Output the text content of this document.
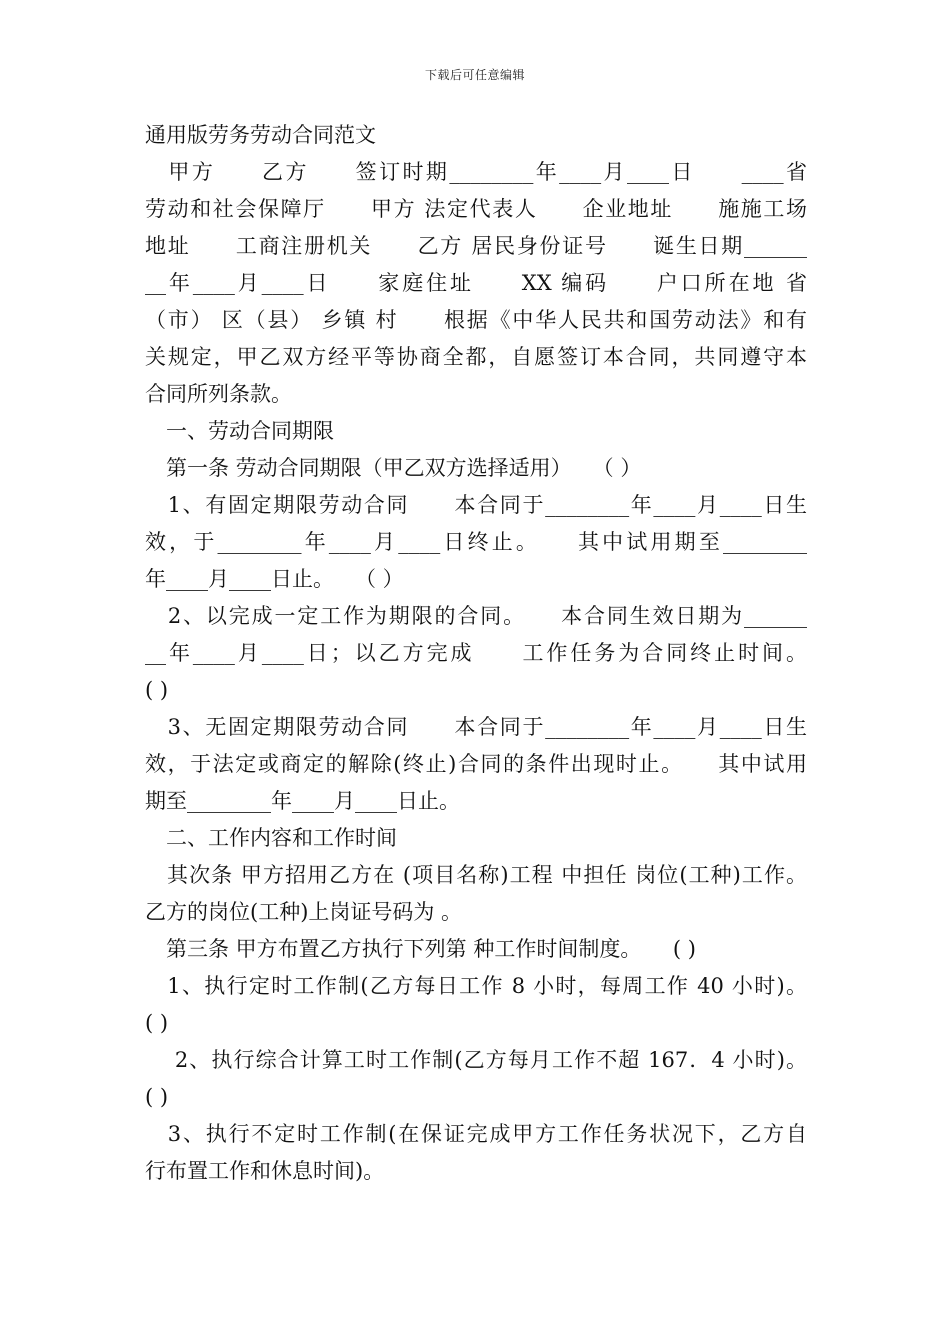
下载后可任意编辑
通用版劳务劳动合同范文
　甲方　　乙方　　签订时期________年____月____日　　____省
劳动和社会保障厅　　甲方 法定代表人　　企业地址　　施施工场
地址　　工商注册机关　　乙方 居民身份证号　　诞生日期______
__年____月____日　　家庭住址　　XX 编码　　户口所在地 省
（市） 区（县） 乡镇 村　　根据《中华人民共和国劳动法》和有
关规定，甲乙双方经平等协商全都，自愿签订本合同，共同遵守本
合同所列条款。
　一、劳动合同期限
　第一条 劳动合同期限（甲乙双方选择适用）　　（ ）
　1、有固定期限劳动合同　　本合同于________年____月____日生
效，于________年____月____日终止。　　其中试用期至________
年____月____日止。　　（ ）
　2、以完成一定工作为期限的合同。　　本合同生效日期为______
__年____月____日；以乙方完成　　工作任务为合同终止时间。
( )
　3、无固定期限劳动合同　　本合同于________年____月____日生
效，于法定或商定的解除(终止)合同的条件出现时止。　　其中试用
期至________年____月____日止。
　二、工作内容和工作时间
　其次条 甲方招用乙方在 (项目名称)工程 中担任 岗位(工种)工作。
乙方的岗位(工种)上岗证号码为 。
　第三条 甲方布置乙方执行下列第 种工作时间制度。　　( )
　1、执行定时工作制(乙方每日工作 8 小时，每周工作 40 小时)。
( )
　 2、执行综合计算工时工作制(乙方每月工作不超 167．4 小时)。
( )
　3、执行不定时工作制(在保证完成甲方工作任务状况下，乙方自
行布置工作和休息时间)。
